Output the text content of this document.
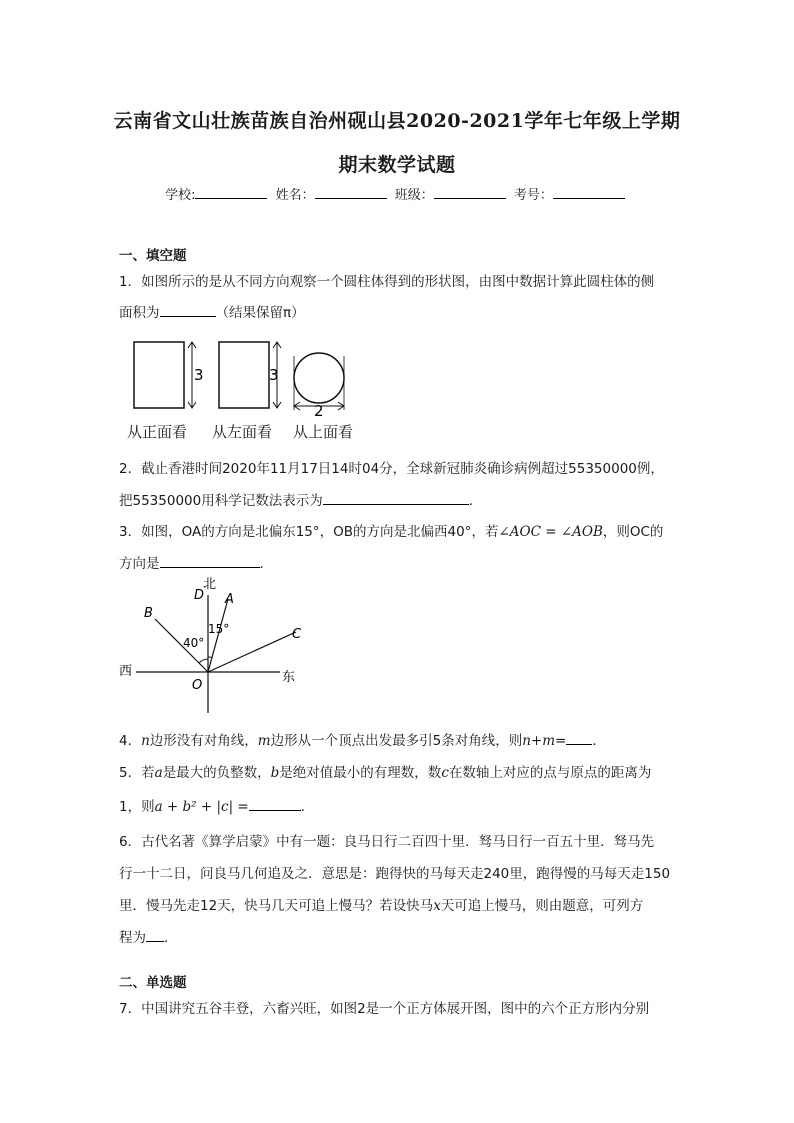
云南省文山壮族苗族自治州砚山县2020-2021学年七年级上学期
期末数学试题
学校:	姓名：	班级：	考号：
一、填空题
1．如图所示的是从不同方向观察一个圆柱体得到的形状图，由图中数据计算此圆柱体的侧
面积为	（结果保留π）
3	3
2
从正面看 从左面看 从上面看
2．截止香港时间2020年11月17日14时04分，全球新冠肺炎确诊病例超过55350000例，
把55350000用科学记数法表示为	．
3．如图，OA的方向是北偏东15°，OB的方向是北偏西40°，若∠AOC = ∠AOB，则OC的
方向是	．
北
D A
B
C
西	东
O
40°
15°
4．n边形没有对角线，m边形从一个顶点出发最多引5条对角线，则n+m= ．
5．若a是最大的负整数，b是绝对值最小的有理数，数c在数轴上对应的点与原点的距离为
1，则a + b² + |c| =	．
6．古代名著《算学启蒙》中有一题：良马日行二百四十里．驽马日行一百五十里．驽马先
行一十二日，问良马几何追及之．意思是：跑得快的马每天走240里，跑得慢的马每天走150
里．慢马先走12天，快马几天可追上慢马？若设快马x天可追上慢马，则由题意，可列方
程为 ．
二、单选题
7．中国讲究五谷丰登，六畜兴旺，如图2是一个正方体展开图，图中的六个正方形内分别
